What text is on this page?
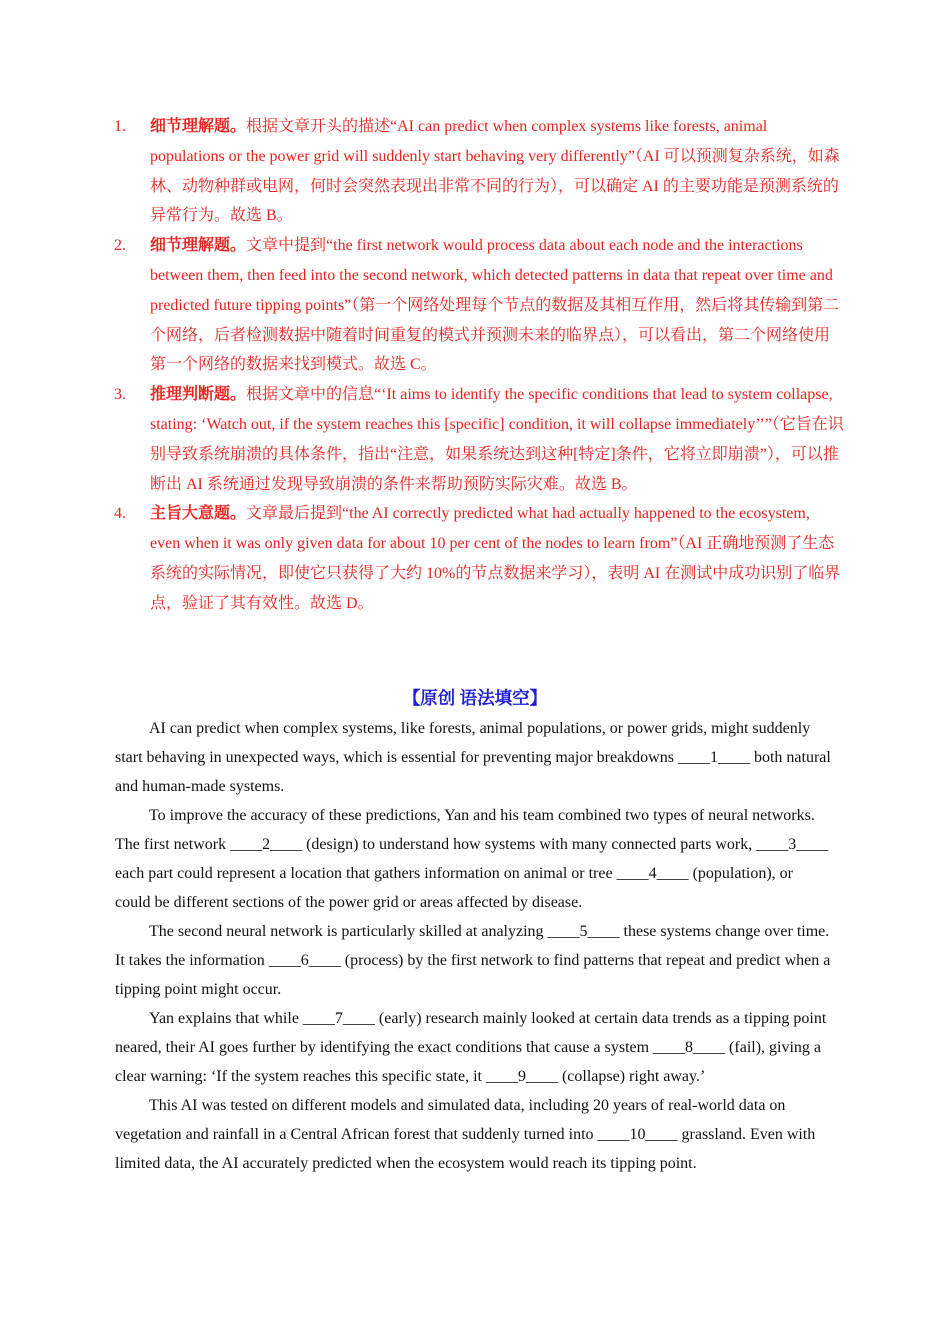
1. 细节理解题。根据文章开头的描述“AI can predict when complex systems like forests, animal populations or the power grid will suddenly start behaving very differently”（AI 可以预测复杂系统，如森林、动物种群或电网，何时会突然表现出非常不同的行为），可以确定 AI 的主要功能是预测系统的异常行为。故选 B。
2. 细节理解题。文章中提到“the first network would process data about each node and the interactions between them, then feed into the second network, which detected patterns in data that repeat over time and predicted future tipping points”（第一个网络处理每个节点的数据及其相互作用，然后将其传输到第二个网络，后者检测数据中随着时间重复的模式并预测未来的临界点），可以看出，第二个网络使用第一个网络的数据来找到模式。故选 C。
3. 推理判断题。根据文章中的信息“‘It aims to identify the specific conditions that lead to system collapse, stating: ‘Watch out, if the system reaches this [specific] condition, it will collapse immediately’’”（它旨在识别导致系统崩溃的具体条件，指出“注意，如果系统达到这种[特定]条件，它将立即崩溃”），可以推断出 AI 系统通过发现导致崩溃的条件来帮助预防实际灾难。故选 B。
4. 主旨大意题。文章最后提到“the AI correctly predicted what had actually happened to the ecosystem, even when it was only given data for about 10 per cent of the nodes to learn from”（AI 正确地预测了生态系统的实际情况，即使它只获得了大约 10%的节点数据来学习），表明 AI 在测试中成功识别了临界点，验证了其有效性。故选 D。
【原创 语法填空】

AI can predict when complex systems, like forests, animal populations, or power grids, might suddenly start behaving in unexpected ways, which is essential for preventing major breakdowns ____1____ both natural and human-made systems.

To improve the accuracy of these predictions, Yan and his team combined two types of neural networks. The first network ____2____ (design) to understand how systems with many connected parts work, ____3____ each part could represent a location that gathers information on animal or tree ____4____ (population), or could be different sections of the power grid or areas affected by disease.

The second neural network is particularly skilled at analyzing ____5____ these systems change over time. It takes the information ____6____ (process) by the first network to find patterns that repeat and predict when a tipping point might occur.

Yan explains that while ____7____ (early) research mainly looked at certain data trends as a tipping point neared, their AI goes further by identifying the exact conditions that cause a system ____8____ (fail), giving a clear warning: ‘If the system reaches this specific state, it ____9____ (collapse) right away.’

This AI was tested on different models and simulated data, including 20 years of real-world data on vegetation and rainfall in a Central African forest that suddenly turned into ____10____ grassland. Even with limited data, the AI accurately predicted when the ecosystem would reach its tipping point.
